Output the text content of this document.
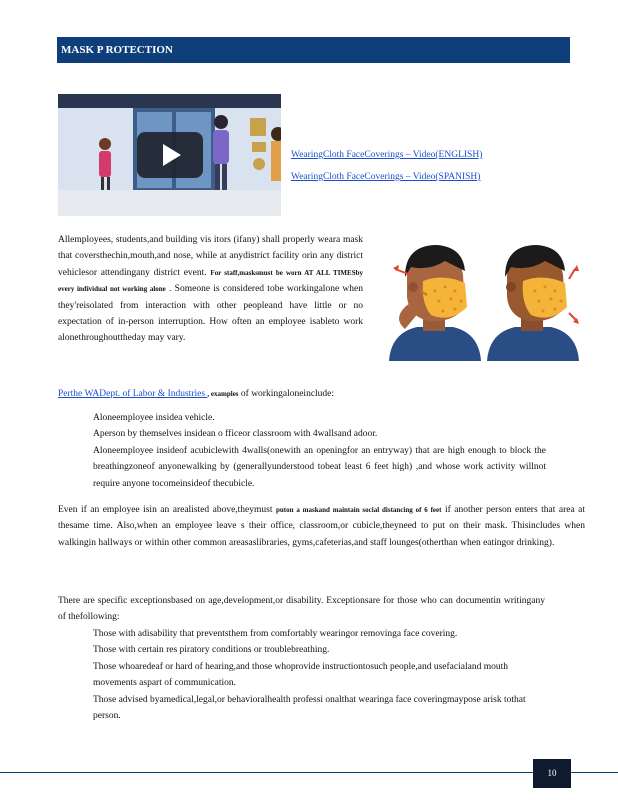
MASK P ROTECTION
WearingCloth FaceCoverings – Video(ENGLISH)
WearingCloth FaceCoverings – Video(SPANISH)
Allemployees, students,and building vis itors (ifany) shall properly weara mask that coversthechin,mouth,and nose, while at anydistrict facility orin any district vehiclesor attendingany district event. For staff,masksmust be worn AT ALL TIMESby every individual not working alone . Someone is considered tobe workingalone when they'reisolated from interaction with other peopleand have little or no expectation of in-person interruption. How often an employee isableto work alonethroughouttheday may vary.
Perthe WADept. of Labor & Industries , examples of workingaloneinclude:
Aloneemployee insidea vehicle.
Aperson by themselves insidean o fficeor classroom with 4wallsand adoor.
Aloneemployee insideof acubiclewith 4walls(onewith an openingfor an entryway) that are high enough to block the breathingzoneof anyonewalking by (generallyunderstood tobeat least 6 feet high) ,and whose work activity willnot require anyone tocomeinsideof thecubicle.
Even if an employee isin an arealisted above,theymust puton a maskand maintain social distancing of 6 feet if another person enters that area at thesame time. Also,when an employee leave s their office, classroom,or cubicle,theyneed to put on their mask. Thisincludes when walkingin hallways or within other common areasaslibraries, gyms,cafeterias,and staff lounges(otherthan when eatingor drinking).
There are specific exceptionsbased on age,development,or disability. Exceptionsare for those who can documentin writingany of thefollowing:
Those with adisability that preventsthem from comfortably wearingor removinga face covering.
Those with certain res piratory conditions or troublebreathing.
Those whoaredeaf or hard of hearing,and those whoprovide instructiontosuch people,and usefacialand mouth movements aspart of communication.
Those advised byamedical,legal,or behavioralhealth professi onalthat wearinga face coveringmaypose arisk tothat person.
10
